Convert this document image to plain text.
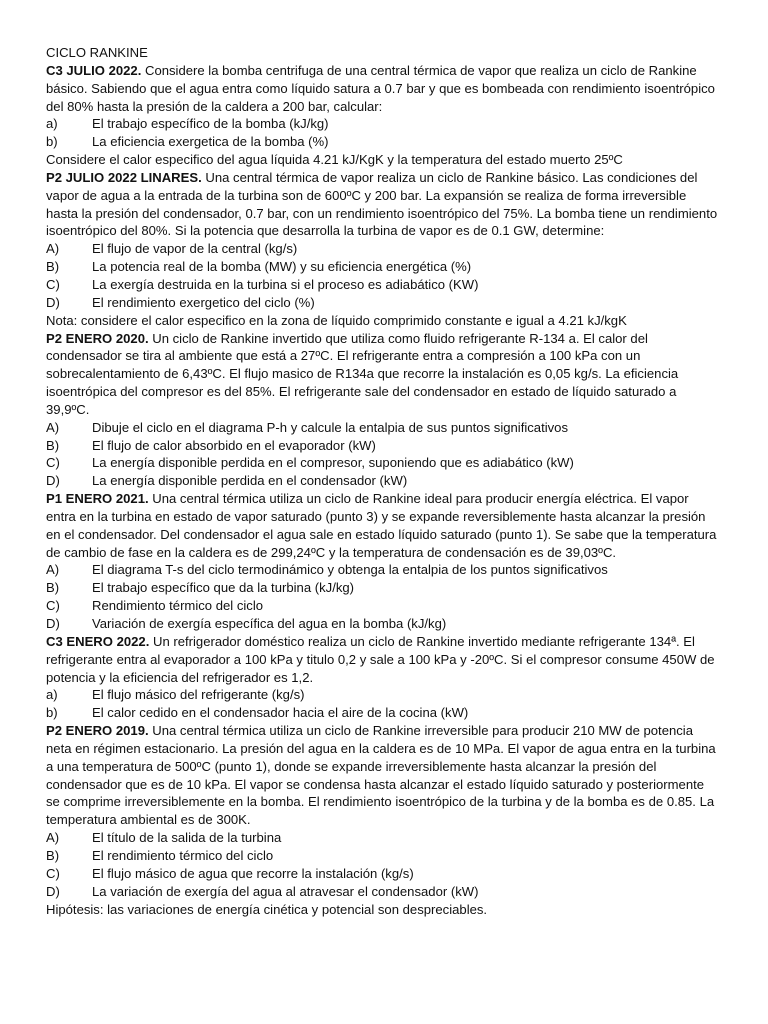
CICLO RANKINE

C3 JULIO 2022. Considere la bomba centrifuga de una central térmica de vapor que realiza un ciclo de Rankine básico. Sabiendo que el agua entra como líquido satura a 0.7 bar y que es bombeada con rendimiento isoentrópico del 80% hasta la presión de la caldera a 200 bar, calcular:

a)	El trabajo específico de la bomba (kJ/kg)
b)	La eficiencia exergetica de la bomba (%)

Considere el calor especifico del agua líquida 4.21 kJ/KgK y la temperatura del estado muerto 25ºC

P2 JULIO 2022 LINARES. Una central térmica de vapor realiza un ciclo de Rankine básico. Las condiciones del vapor de agua a la entrada de la turbina son de 600ºC y 200 bar. La expansión se realiza de forma irreversible hasta la presión del condensador, 0.7 bar, con un rendimiento isoentrópico del 75%. La bomba tiene un rendimiento isoentrópico del 80%. Si la potencia que desarrolla la turbina de vapor es de 0.1 GW, determine:

A)	El flujo de vapor de la central (kg/s)
B)	La potencia real de la bomba (MW) y su eficiencia energética (%)
C)	La exergía destruida en la turbina si el proceso es adiabático (KW)
D)	El rendimiento exergetico del ciclo (%)

Nota: considere el calor especifico en la zona de líquido comprimido constante e igual a 4.21 kJ/kgK

P2 ENERO 2020. Un ciclo de Rankine invertido que utiliza como fluido refrigerante R-134 a. El calor del condensador se tira al ambiente que está a 27ºC. El refrigerante entra a compresión a 100 kPa con un sobrecalentamiento de 6,43ºC. El flujo masico de R134a que recorre la instalación es 0,05 kg/s. La eficiencia isoentrópica del compresor es del 85%. El refrigerante sale del condensador en estado de líquido saturado a 39,9ºC.

A)	Dibuje el ciclo en el diagrama P-h y calcule la entalpia de sus puntos significativos
B)	El flujo de calor absorbido en el evaporador (kW)
C)	La energía disponible perdida en el compresor, suponiendo que es adiabático (kW)
D)	La energía disponible perdida en el condensador (kW)

P1 ENERO 2021. Una central térmica utiliza un ciclo de Rankine ideal para producir energía eléctrica. El vapor entra en la turbina en estado de vapor saturado (punto 3) y se expande reversiblemente hasta alcanzar la presión en el condensador. Del condensador el agua sale en estado líquido saturado (punto 1). Se sabe que la temperatura de cambio de fase en la caldera es de 299,24ºC y la temperatura de condensación es de 39,03ºC.

A)	El diagrama T-s del ciclo termodinámico y obtenga la entalpia de los puntos significativos
B)	El trabajo específico que da la turbina (kJ/kg)
C)	Rendimiento térmico del ciclo
D)	Variación de exergía específica del agua en la bomba (kJ/kg)

C3 ENERO 2022. Un refrigerador doméstico realiza un ciclo de Rankine invertido mediante refrigerante 134ª. El refrigerante entra al evaporador a 100 kPa y titulo 0,2 y sale a 100 kPa y -20ºC. Si el compresor consume 450W de potencia y la eficiencia del refrigerador es 1,2.

a)	El flujo másico del refrigerante (kg/s)
b)	El calor cedido en el condensador hacia el aire de la cocina (kW)

P2 ENERO 2019. Una central térmica utiliza un ciclo de Rankine irreversible para producir 210 MW de potencia neta en régimen estacionario. La presión del agua en la caldera es de 10 MPa. El vapor de agua entra en la turbina a una temperatura de 500ºC (punto 1), donde se expande irreversiblemente hasta alcanzar la presión del condensador que es de 10 kPa. El vapor se condensa hasta alcanzar el estado líquido saturado y posteriormente se comprime irreversiblemente en la bomba. El rendimiento isoentrópico de la turbina y de la bomba es de 0.85. La temperatura ambiental es de 300K.

A)	El título de la salida de la turbina
B)	El rendimiento térmico del ciclo
C)	El flujo másico de agua que recorre la instalación (kg/s)
D)	La variación de exergía del agua al atravesar el condensador (kW)

Hipótesis: las variaciones de energía cinética y potencial son despreciables.
